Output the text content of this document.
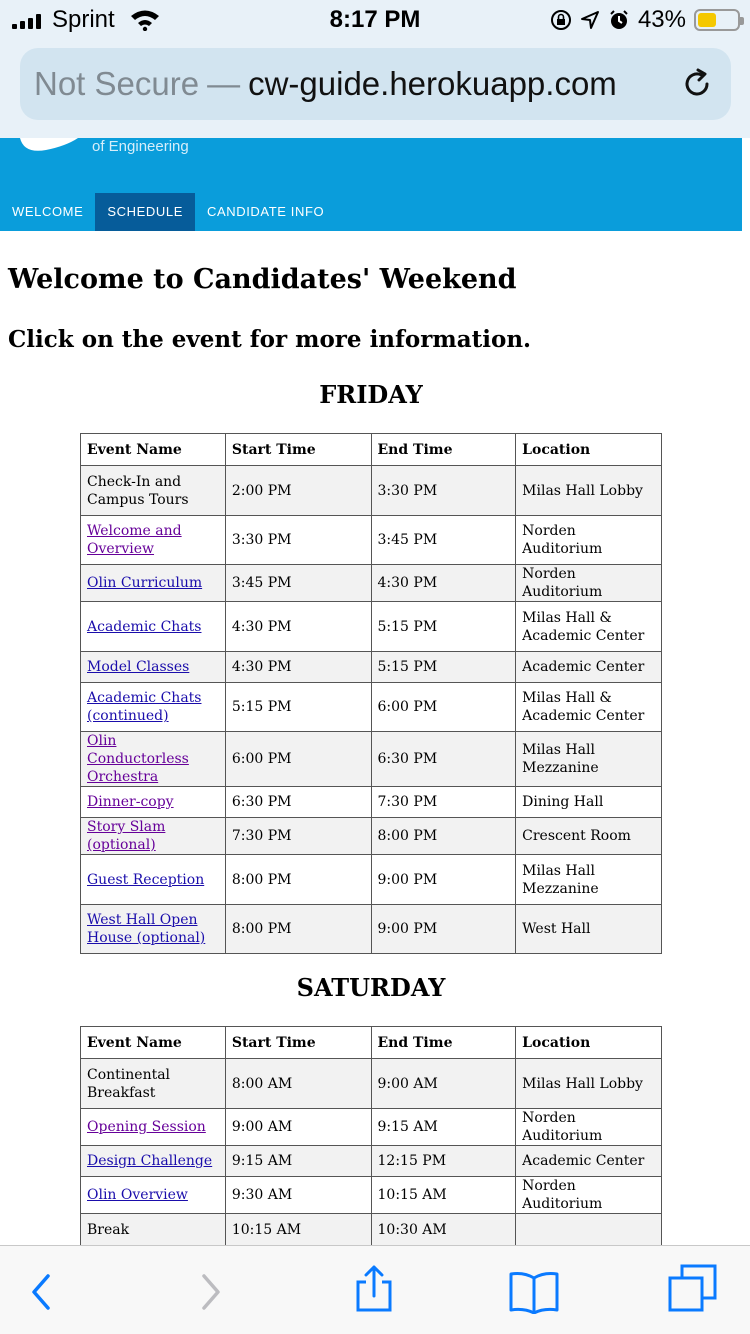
Sprint	8:17 PM	43%
Not Secure — cw-guide.herokuapp.com
of Engineering
WELCOME	SCHEDULE	CANDIDATE INFO
Welcome to Candidates' Weekend
Click on the event for more information.
FRIDAY
Event Name	Start Time	End Time	Location
Check-In and Campus Tours	2:00 PM	3:30 PM	Milas Hall Lobby
Welcome and Overview	3:30 PM	3:45 PM	Norden Auditorium
Olin Curriculum	3:45 PM	4:30 PM	Norden Auditorium
Academic Chats	4:30 PM	5:15 PM	Milas Hall & Academic Center
Model Classes	4:30 PM	5:15 PM	Academic Center
Academic Chats (continued)	5:15 PM	6:00 PM	Milas Hall & Academic Center
Olin Conductorless Orchestra	6:00 PM	6:30 PM	Milas Hall Mezzanine
Dinner-copy	6:30 PM	7:30 PM	Dining Hall
Story Slam (optional)	7:30 PM	8:00 PM	Crescent Room
Guest Reception	8:00 PM	9:00 PM	Milas Hall Mezzanine
West Hall Open House (optional)	8:00 PM	9:00 PM	West Hall
SATURDAY
Event Name	Start Time	End Time	Location
Continental Breakfast	8:00 AM	9:00 AM	Milas Hall Lobby
Opening Session	9:00 AM	9:15 AM	Norden Auditorium
Design Challenge	9:15 AM	12:15 PM	Academic Center
Olin Overview	9:30 AM	10:15 AM	Norden Auditorium
Break	10:15 AM	10:30 AM	
